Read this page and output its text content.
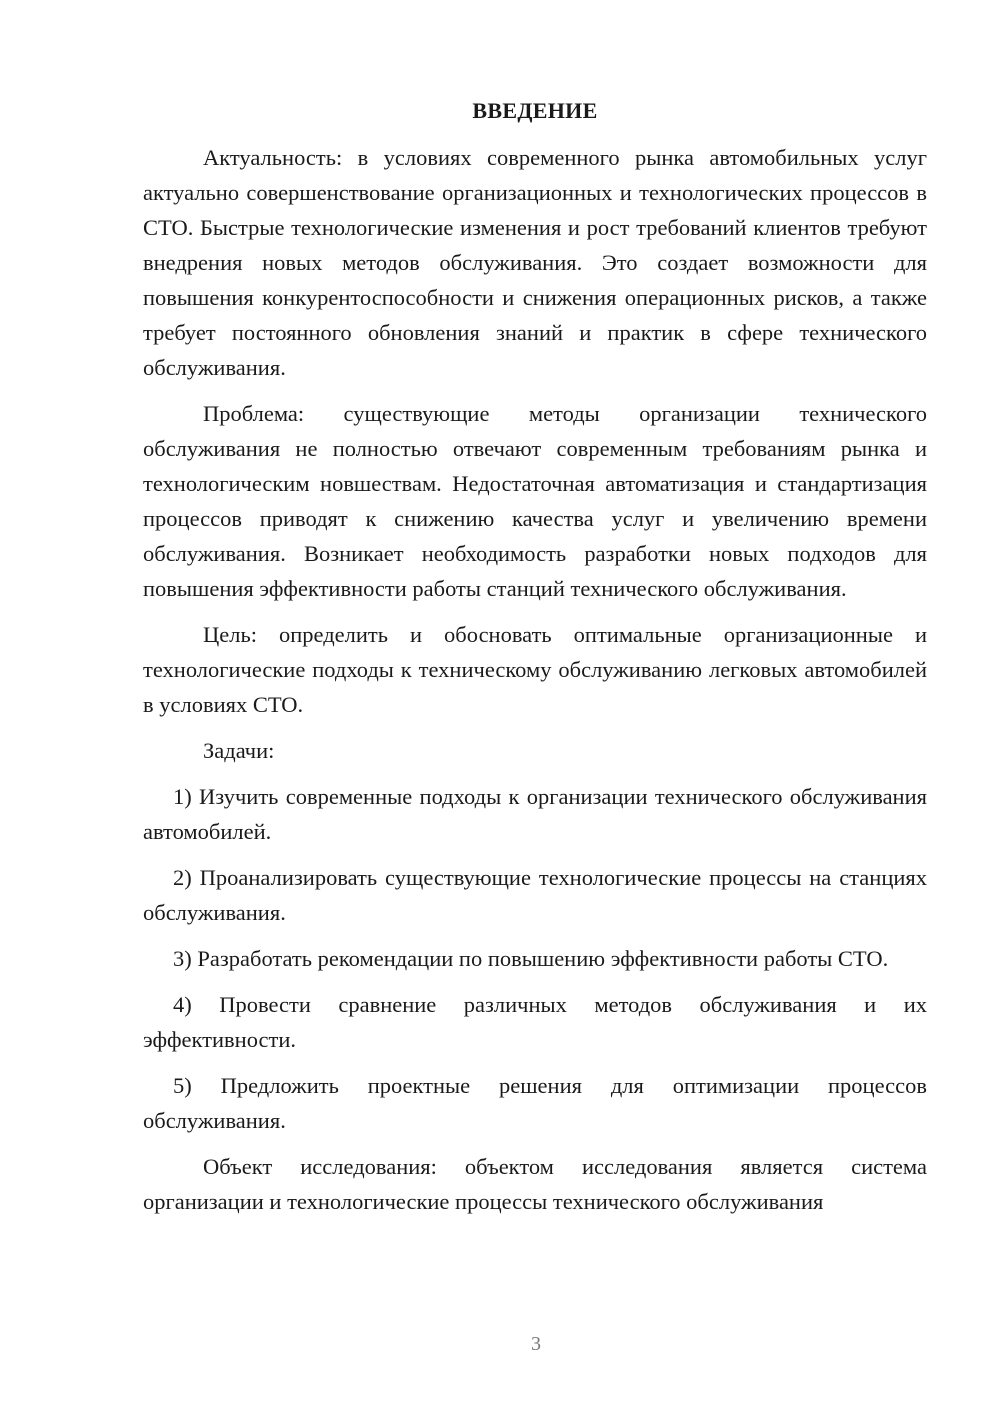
ВВЕДЕНИЕ

Актуальность: в условиях современного рынка автомобильных услуг актуально совершенствование организационных и технологических процессов в СТО. Быстрые технологические изменения и рост требований клиентов требуют внедрения новых методов обслуживания. Это создает возможности для повышения конкурентоспособности и снижения операционных рисков, а также требует постоянного обновления знаний и практик в сфере технического обслуживания.

Проблема: существующие методы организации технического обслуживания не полностью отвечают современным требованиям рынка и технологическим новшествам. Недостаточная автоматизация и стандартизация процессов приводят к снижению качества услуг и увеличению времени обслуживания. Возникает необходимость разработки новых подходов для повышения эффективности работы станций технического обслуживания.

Цель: определить и обосновать оптимальные организационные и технологические подходы к техническому обслуживанию легковых автомобилей в условиях СТО.

Задачи:

1) Изучить современные подходы к организации технического обслуживания автомобилей.

2) Проанализировать существующие технологические процессы на станциях обслуживания.

3) Разработать рекомендации по повышению эффективности работы СТО.

4) Провести сравнение различных методов обслуживания и их эффективности.

5) Предложить проектные решения для оптимизации процессов обслуживания.

Объект исследования: объектом исследования является система организации и технологические процессы технического обслуживания

3
